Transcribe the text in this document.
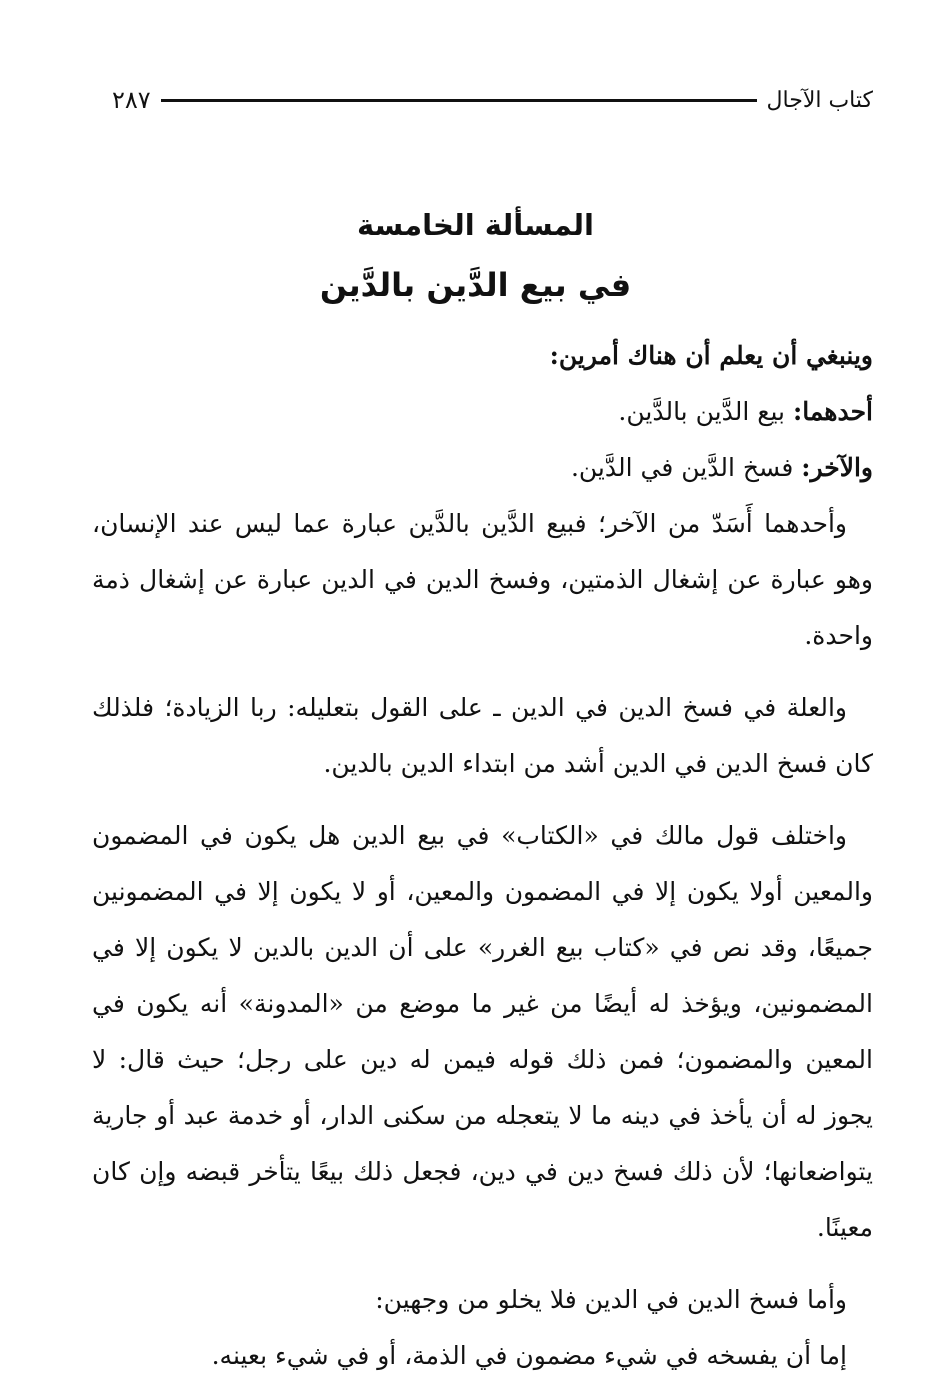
كتاب الآجال
٢٨٧
المسألة الخامسة
في بيع الدَّين بالدَّين

وينبغي أن يعلم أن هناك أمرين:

أحدهما: بيع الدَّين بالدَّين.

والآخر: فسخ الدَّين في الدَّين.

وأحدهما أَسَدّ من الآخر؛ فبيع الدَّين بالدَّين عبارة عما ليس عند الإنسان، وهو عبارة عن إشغال الذمتين، وفسخ الدين في الدين عبارة عن إشغال ذمة واحدة.

والعلة في فسخ الدين في الدين ـ على القول بتعليله: ربا الزيادة؛ فلذلك كان فسخ الدين في الدين أشد من ابتداء الدين بالدين.

واختلف قول مالك في «الكتاب» في بيع الدين هل يكون في المضمون والمعين أولا يكون إلا في المضمون والمعين، أو لا يكون إلا في المضمونين جميعًا، وقد نص في «كتاب بيع الغرر» على أن الدين بالدين لا يكون إلا في المضمونين، ويؤخذ له أيضًا من غير ما موضع من «المدونة» أنه يكون في المعين والمضمون؛ فمن ذلك قوله فيمن له دين على رجل؛ حيث قال: لا يجوز له أن يأخذ في دينه ما لا يتعجله من سكنى الدار، أو خدمة عبد أو جارية يتواضعانها؛ لأن ذلك فسخ دين في دين، فجعل ذلك بيعًا يتأخر قبضه وإن كان معينًا.

وأما فسخ الدين في الدين فلا يخلو من وجهين:

إما أن يفسخه في شيء مضمون في الذمة، أو في شيء بعينه.
